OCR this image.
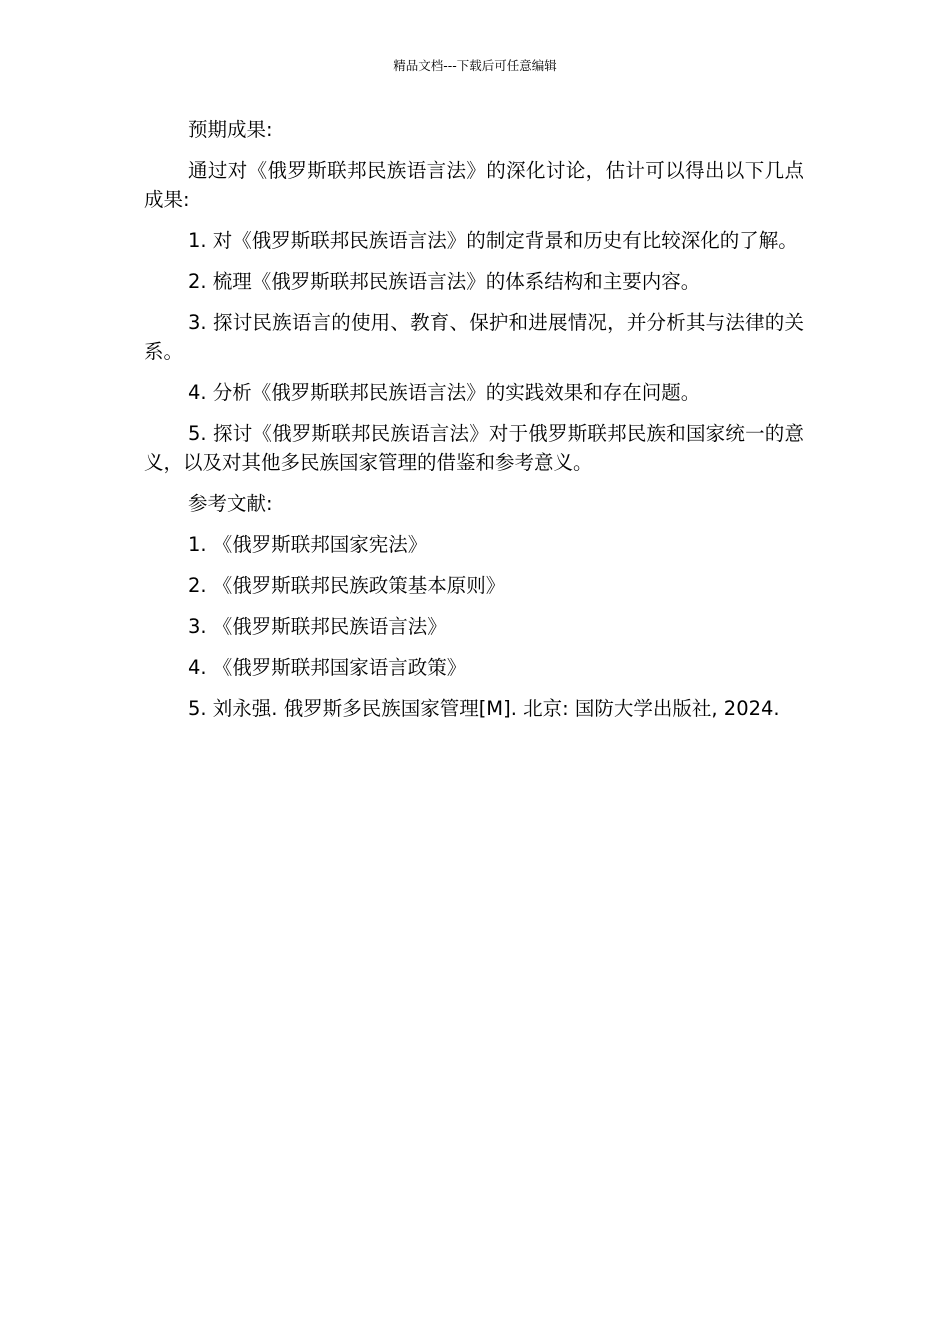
精品文档---下载后可任意编辑

预期成果:

通过对《俄罗斯联邦民族语言法》的深化讨论，估计可以得出以下几点成果:

1. 对《俄罗斯联邦民族语言法》的制定背景和历史有比较深化的了解。

2. 梳理《俄罗斯联邦民族语言法》的体系结构和主要内容。

3. 探讨民族语言的使用、教育、保护和进展情况，并分析其与法律的关系。

4. 分析《俄罗斯联邦民族语言法》的实践效果和存在问题。

5. 探讨《俄罗斯联邦民族语言法》对于俄罗斯联邦民族和国家统一的意义，以及对其他多民族国家管理的借鉴和参考意义。

参考文献:

1. 《俄罗斯联邦国家宪法》

2. 《俄罗斯联邦民族政策基本原则》

3. 《俄罗斯联邦民族语言法》

4. 《俄罗斯联邦国家语言政策》

5. 刘永强. 俄罗斯多民族国家管理[M]. 北京: 国防大学出版社, 2024.
